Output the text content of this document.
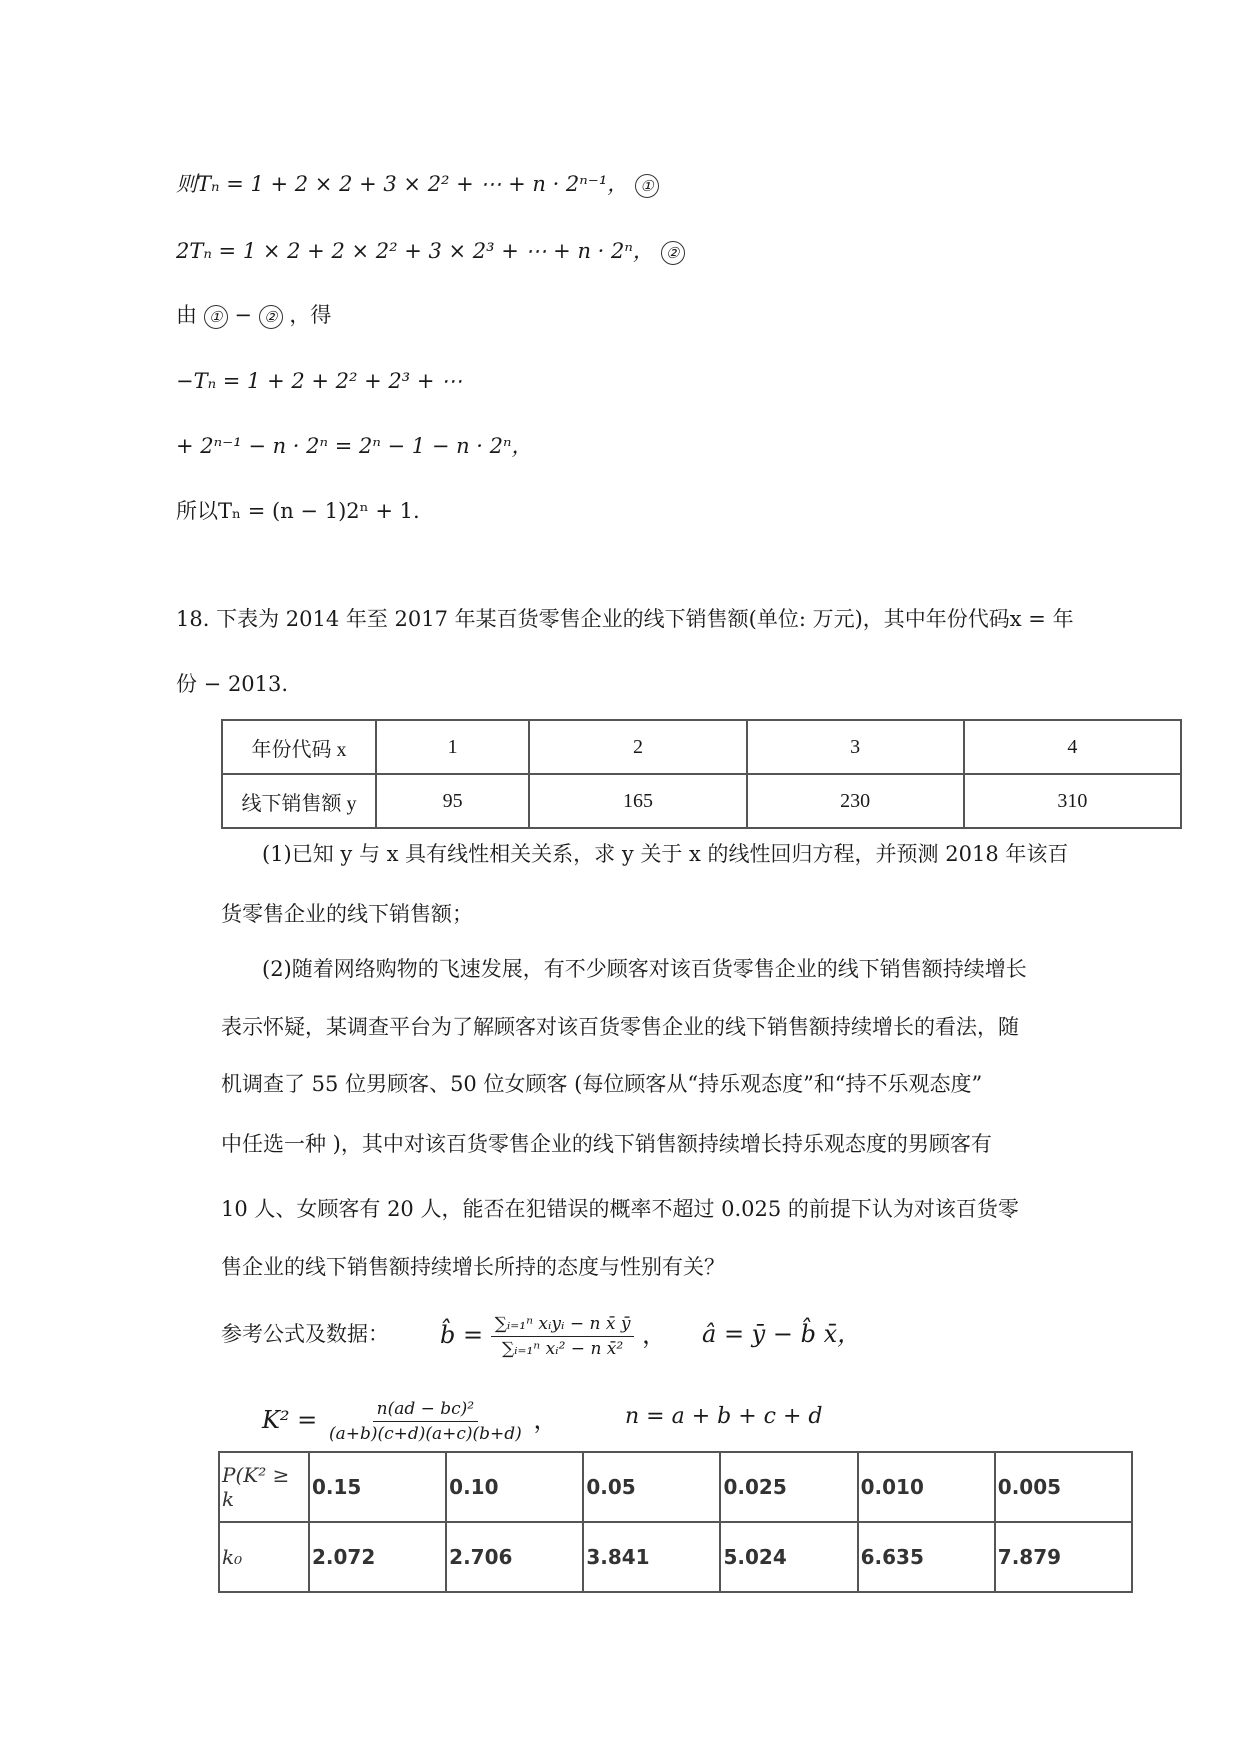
则Tₙ = 1 + 2 × 2 + 3 × 2² + ⋯ + n · 2ⁿ⁻¹， ①
2Tₙ = 1 × 2 + 2 × 2² + 3 × 2³ + ⋯ + n · 2ⁿ， ②
由 ① − ② ，得
−Tₙ = 1 + 2 + 2² + 2³ + ⋯
+ 2ⁿ⁻¹ − n · 2ⁿ = 2ⁿ − 1 − n · 2ⁿ，
所以Tₙ = (n − 1)2ⁿ + 1.
18. 下表为 2014 年至 2017 年某百货零售企业的线下销售额(单位: 万元)，其中年份代码x = 年
份 − 2013.
年份代码 x	1	2	3	4
线下销售额 y	95	165	230	310
(1)已知 y 与 x 具有线性相关关系，求 y 关于 x 的线性回归方程，并预测 2018 年该百
货零售企业的线下销售额；
(2)随着网络购物的飞速发展，有不少顾客对该百货零售企业的线下销售额持续增长
表示怀疑，某调查平台为了解顾客对该百货零售企业的线下销售额持续增长的看法，随
机调查了 55 位男顾客、50 位女顾客 (每位顾客从“持乐观态度”和“持不乐观态度”
中任选一种 )，其中对该百货零售企业的线下销售额持续增长持乐观态度的男顾客有
10 人、女顾客有 20 人，能否在犯错误的概率不超过 0.025 的前提下认为对该百货零
售企业的线下销售额持续增长所持的态度与性别有关？
参考公式及数据： b̂ = $\frac{\text{∑ᵢ₌₁ⁿ xᵢyᵢ − n x̄ ȳ}}{\text{∑ᵢ₌₁ⁿ xᵢ² − n x̄²}}$ ， â = ȳ − b̂ x̄，
$K^2 = \frac{\text{n(ad − bc)²}}{(a+b)(c+d)(a+c)(b+d)}$ ，	n = a + b + c + d
P(K² ≥ k	0.15	0.10	0.05	0.025	0.010	0.005
k₀	2.072	2.706	3.841	5.024	6.635	7.879
